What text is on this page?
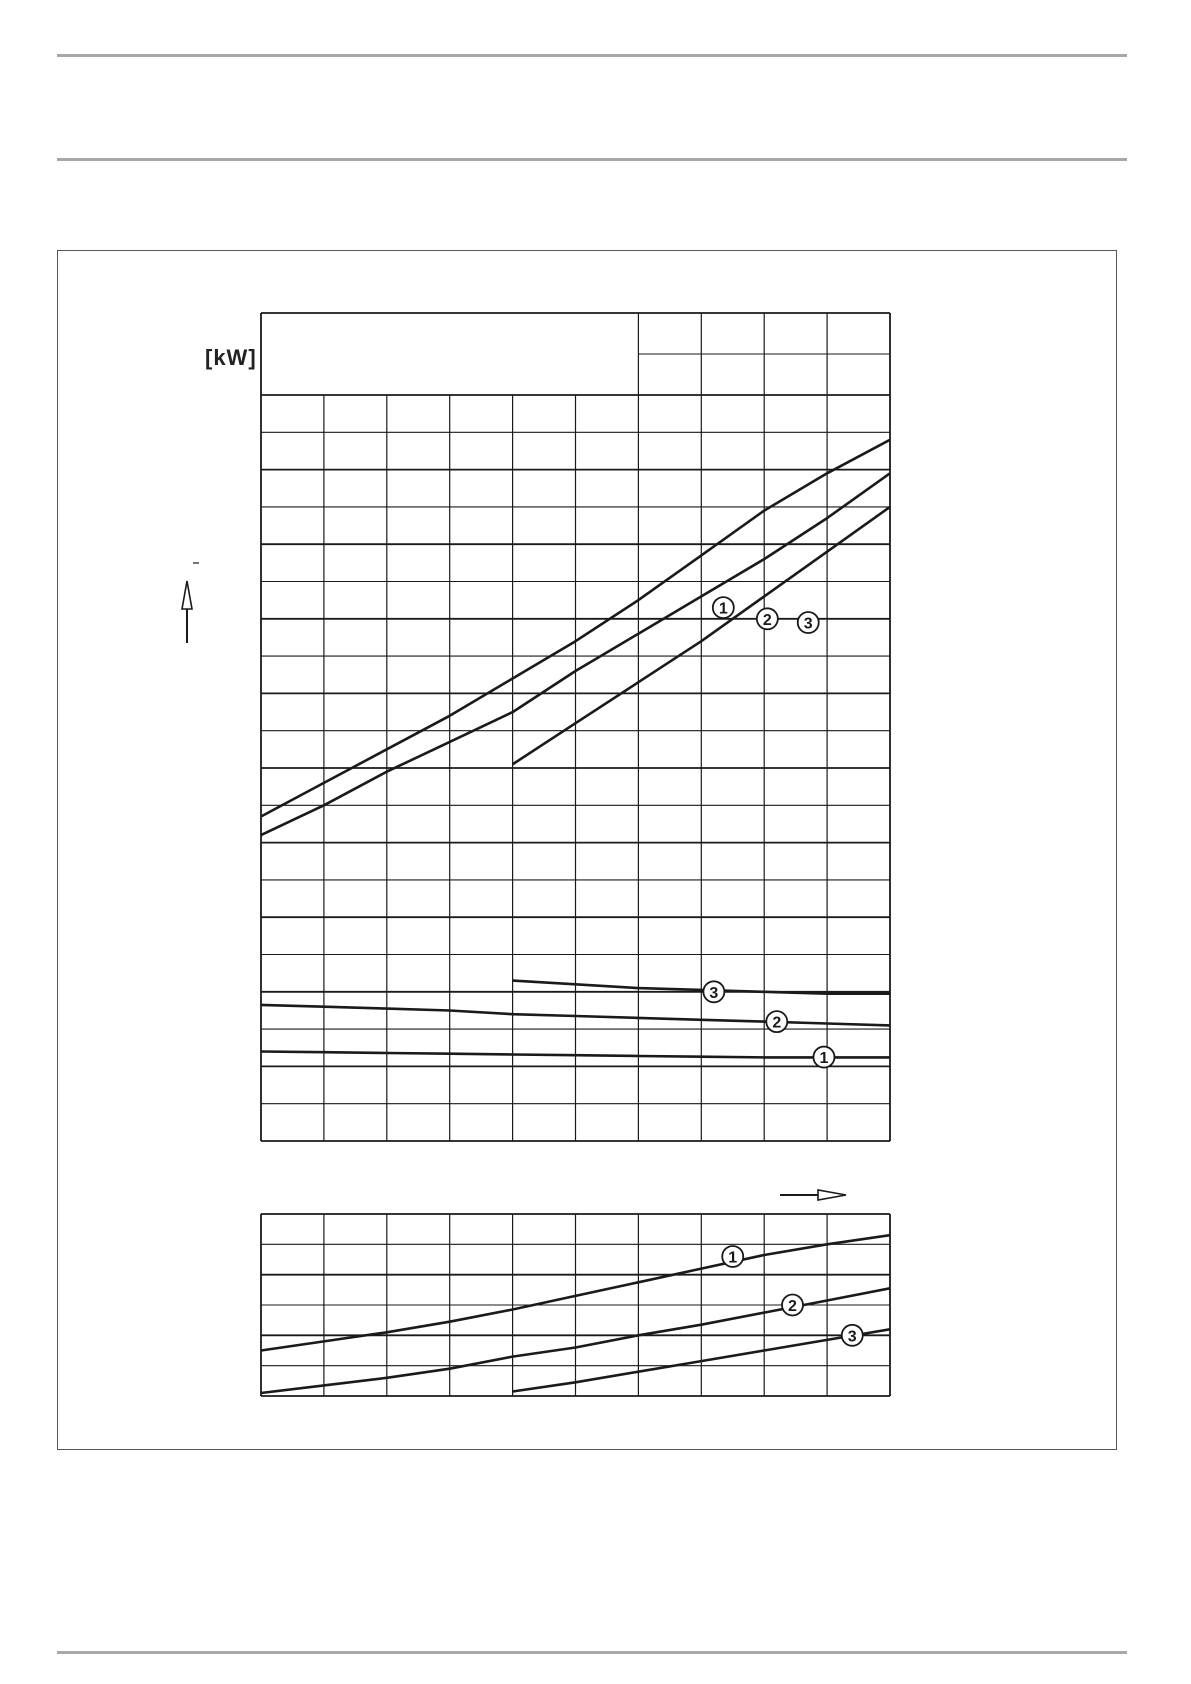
[kW]
1
2 3
3
2
1
1
2
3
